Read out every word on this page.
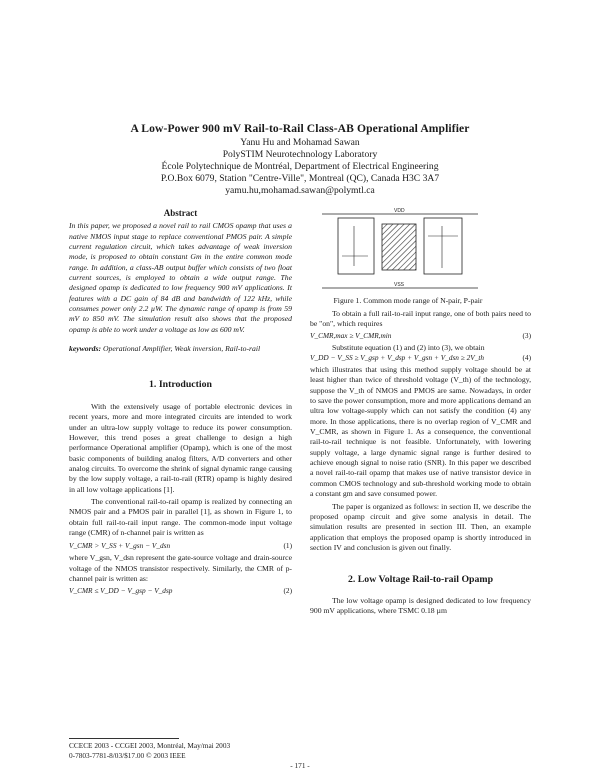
A Low-Power 900 mV Rail-to-Rail Class-AB Operational Amplifier
Yanu Hu and Mohamad Sawan
PolySTIM Neurotechnology Laboratory
École Polytechnique de Montréal, Department of Electrical Engineering
P.O.Box 6079, Station "Centre-Ville", Montreal (QC), Canada H3C 3A7
yamu.hu,mohamad.sawan@polymtl.ca
Abstract

In this paper, we proposed a novel rail to rail CMOS opamp that uses a native NMOS input stage to replace conventional PMOS pair. A simple current regulation circuit, which takes advantage of weak inversion mode, is proposed to obtain constant Gm in the entire common mode range. In addition, a class-AB output buffer which consists of two float current sources, is employed to obtain a wide output range. The designed opamp is dedicated to low frequency 900 mV applications. It features with a DC gain of 84 dB and bandwidth of 122 kHz, while consumes power only 2.2 µW. The dynamic range of opamp is from 59 mV to 850 mV. The simulation result also shows that the proposed opamp is able to work under a voltage as low as 600 mV.

keywords: Operational Amplifier, Weak inversion, Rail-to-rail

1. Introduction

With the extensively usage of portable electronic devices in recent years, more and more integrated circuits are intended to work under an ultra-low supply voltage to reduce its power consumption. However, this trend poses a great challenge to design a high performance Operational amplifier (Opamp), which is one of the most basic components of building analog filters, A/D converters and other analog circuits. To overcome the shrink of signal dynamic range causing by the low supply voltage, a rail-to-rail (RTR) opamp is highly desired in all low voltage applications [1].

The conventional rail-to-rail opamp is realized by connecting an NMOS pair and a PMOS pair in parallel [1], as shown in Figure 1, to obtain full rail-to-rail input range. The common-mode input voltage range (CMR) of n-channel pair is written as

V_CMR > V_SS + V_gsn − V_dsn	(1)

where V_gsn, V_dsn represent the gate-source voltage and drain-source voltage of the NMOS transistor respectively. Similarly, the CMR of p-channel pair is written as:

V_CMR ≤ V_DD − V_gsp − V_dsp	(2)
VDD
VSS
Figure 1. Common mode range of N-pair, P-pair

To obtain a full rail-to-rail input range, one of both pairs need to be "on", which requires

V_CMR,max ≥ V_CMR,min	(3)

Substitute equation (1) and (2) into (3), we obtain

V_DD − V_SS ≥ V_gsp + V_dsp + V_gsn + V_dsn ≥ 2V_th	(4)

which illustrates that using this method supply voltage should be at least higher than twice of threshold voltage (V_th) of the technology, suppose the V_th of NMOS and PMOS are same. Nowadays, in order to save the power consumption, more and more applications demand an ultra low voltage-supply which can not satisfy the condition (4) any more. In those applications, there is no overlap region of V_CMR and V_CMR, as shown in Figure 1. As a consequence, the conventional rail-to-rail technique is not feasible. Unfortunately, with lowering supply voltage, a large dynamic signal range is further desired to achieve enough signal to noise ratio (SNR). In this paper we described a novel rail-to-rail opamp that makes use of native transistor device in common CMOS technology and sub-threshold working mode to obtain a constant gm and save consumed power.

The paper is organized as follows: in section II, we describe the proposed opamp circuit and give some analysis in detail. The simulation results are presented in section III. Then, an example application that employs the proposed opamp is shortly introduced in section IV and conclusion is given out finally.

2. Low Voltage Rail-to-rail Opamp

The low voltage opamp is designed dedicated to low frequency 900 mV applications, where TSMC 0.18 µm

CCECE 2003 - CCGEI 2003, Montréal, May/mai 2003
0-7803-7781-8/03/$17.00 © 2003 IEEE
- 171 -
